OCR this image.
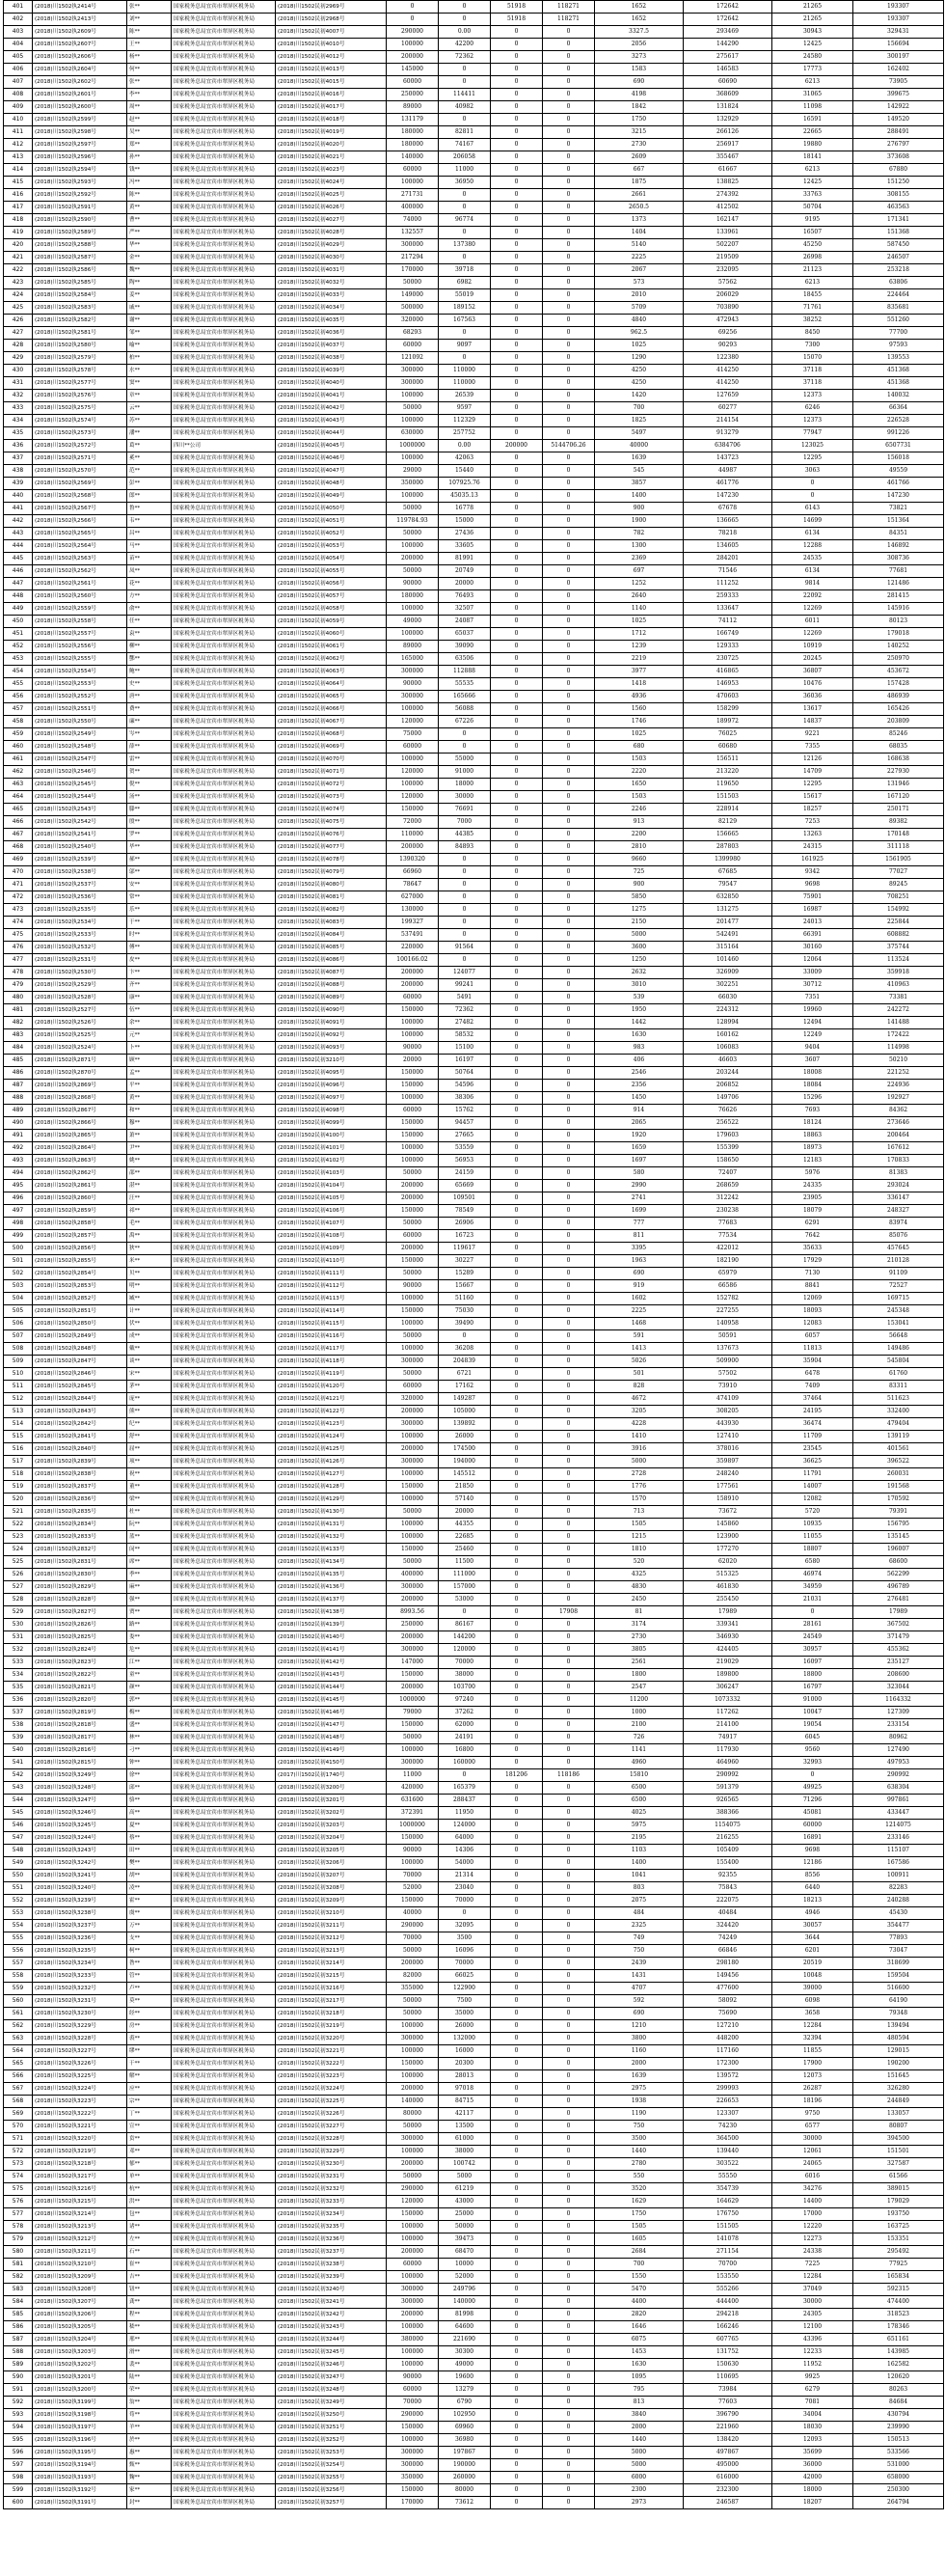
401	(2018)川1502执2414号	张**	国家税务总局宜宾市翠屏区税务局	(2018)川1502民初2969号	0	0	51918	118271	1652	172642	21265	193307
402	(2018)川1502执2413号	刘**	国家税务总局宜宾市翠屏区税务局	(2018)川1502民初2968号	0	0	51918	118271	1652	172642	21265	193307
403	(2018)川1502执2609号	陈**	国家税务总局宜宾市翠屏区税务局	(2018)川1502民初4007号	290000	0.00	0	0	3327.5	293469	30943	329431
404	(2018)川1502执2607号	王**	国家税务总局宜宾市翠屏区税务局	(2018)川1502民初4010号	100000	42200	0	0	2056	144290	12425	156694
405	(2018)川1502执2606号	杨**	国家税务总局宜宾市翠屏区税务局	(2018)川1502民初4012号	200000	72362	0	0	3273	275617	24580	300197
406	(2018)川1502执2604号	何**	国家税务总局宜宾市翠屏区税务局	(2018)川1502民初4013号	145000	0	0	0	1583	146583	17773	162402
407	(2018)川1502执2602号	张**	国家税务总局宜宾市翠屏区税务局	(2018)川1502民初4015号	60000	0	0	0	690	60690	6213	73905
408	(2018)川1502执2601号	李**	国家税务总局宜宾市翠屏区税务局	(2018)川1502民初4016号	250000	114411	0	0	4198	368609	31065	399675
409	(2018)川1502执2600号	周**	国家税务总局宜宾市翠屏区税务局	(2018)川1502民初4017号	89000	40982	0	0	1842	131824	11098	142922
410	(2018)川1502执2599号	赵**	国家税务总局宜宾市翠屏区税务局	(2018)川1502民初4018号	131179	0	0	0	1750	132929	16591	149520
411	(2018)川1502执2598号	吴**	国家税务总局宜宾市翠屏区税务局	(2018)川1502民初4019号	180000	82811	0	0	3215	266126	22665	288491
412	(2018)川1502执2597号	郑**	国家税务总局宜宾市翠屏区税务局	(2018)川1502民初4020号	180000	74167	0	0	2730	256917	19880	276797
413	(2018)川1502执2596号	孙**	国家税务总局宜宾市翠屏区税务局	(2018)川1502民初4021号	140000	206058	0	0	2609	355467	18141	373608
414	(2018)川1502执2594号	钱**	国家税务总局宜宾市翠屏区税务局	(2018)川1502民初4023号	60000	11000	0	0	667	61667	6213	67880
415	(2018)川1502执2593号	冯**	国家税务总局宜宾市翠屏区税务局	(2018)川1502民初4024号	100000	36950	0	0	1875	138825	12425	151250
416	(2018)川1502执2592号	陈**	国家税务总局宜宾市翠屏区税务局	(2018)川1502民初4025号	271731	0	0	0	2661	274392	33763	308155
417	(2018)川1502执2591号	黄**	国家税务总局宜宾市翠屏区税务局	(2018)川1502民初4026号	400000	0	0	0	2650.5	412502	50704	463563
418	(2018)川1502执2590号	曹**	国家税务总局宜宾市翠屏区税务局	(2018)川1502民初4027号	74000	96774	0	0	1373	162147	9195	171341
419	(2018)川1502执2589号	严**	国家税务总局宜宾市翠屏区税务局	(2018)川1502民初4028号	132557	0	0	0	1404	133961	16507	151368
420	(2018)川1502执2588号	华**	国家税务总局宜宾市翠屏区税务局	(2018)川1502民初4029号	300000	137380	0	0	5140	502207	45250	587450
421	(2018)川1502执2587号	金**	国家税务总局宜宾市翠屏区税务局	(2018)川1502民初4030号	217294	0	0	0	2225	219509	26998	246507
422	(2018)川1502执2586号	魏**	国家税务总局宜宾市翠屏区税务局	(2018)川1502民初4031号	170000	39718	0	0	2067	232095	21123	253218
423	(2018)川1502执2585号	陶**	国家税务总局宜宾市翠屏区税务局	(2018)川1502民初4032号	50000	6982	0	0	573	57562	6213	63806
424	(2018)川1502执2584号	姜**	国家税务总局宜宾市翠屏区税务局	(2018)川1502民初4033号	149000	55019	0	0	2010	206029	18455	224464
425	(2018)川1502执2583号	戚**	国家税务总局宜宾市翠屏区税务局	(2018)川1502民初4034号	500000	189152	0	0	5709	703890	71761	835681
426	(2018)川1502执2582号	谢**	国家税务总局宜宾市翠屏区税务局	(2018)川1502民初4035号	320000	167563	0	0	4840	472943	38252	551260
427	(2018)川1502执2581号	邹**	国家税务总局宜宾市翠屏区税务局	(2018)川1502民初4036号	68293	0	0	0	962.5	69256	8450	77700
428	(2018)川1502执2580号	喻**	国家税务总局宜宾市翠屏区税务局	(2018)川1502民初4037号	60000	9097	0	0	1025	90293	7300	97593
429	(2018)川1502执2579号	柏**	国家税务总局宜宾市翠屏区税务局	(2018)川1502民初4038号	121092	0	0	0	1290	122380	15070	139553
430	(2018)川1502执2578号	水**	国家税务总局宜宾市翠屏区税务局	(2018)川1502民初4039号	300000	110000	0	0	4250	414250	37118	451368
431	(2018)川1502执2577号	窦**	国家税务总局宜宾市翠屏区税务局	(2018)川1502民初4040号	300000	110000	0	0	4250	414250	37118	451368
432	(2018)川1502执2576号	章**	国家税务总局宜宾市翠屏区税务局	(2018)川1502民初4041号	100000	26539	0	0	1420	127659	12373	140032
433	(2018)川1502执2575号	云**	国家税务总局宜宾市翠屏区税务局	(2018)川1502民初4042号	50000	9597	0	0	700	60277	6246	66364
434	(2018)川1502执2574号	苏**	国家税务总局宜宾市翠屏区税务局	(2018)川1502民初4043号	100000	112329	0	0	1825	214154	12373	226528
435	(2018)川1502执2573号	潘**	国家税务总局宜宾市翠屏区税务局	(2018)川1502民初4044号	630000	257752	0	0	5497	913279	77947	991226
436	(2018)川1502执2572号	葛**	四川**公司	(2018)川1502民初4045号	1000000	0.00	200000	5144706.26	40000	6384706	123025	6507731
437	(2018)川1502执2571号	奚**	国家税务总局宜宾市翠屏区税务局	(2018)川1502民初4046号	100000	42063	0	0	1639	143723	12295	156018
438	(2018)川1502执2570号	范**	国家税务总局宜宾市翠屏区税务局	(2018)川1502民初4047号	29000	15440	0	0	545	44987	3063	49559
439	(2018)川1502执2569号	彭**	国家税务总局宜宾市翠屏区税务局	(2018)川1502民初4048号	350000	107925.76	0	0	3857	461776	0	461766
440	(2018)川1502执2568号	郎**	国家税务总局宜宾市翠屏区税务局	(2018)川1502民初4049号	100000	45035.13	0	0	1400	147230	0	147230
441	(2018)川1502执2567号	鲁**	国家税务总局宜宾市翠屏区税务局	(2018)川1502民初4050号	50000	16778	0	0	900	67678	6143	73821
442	(2018)川1502执2566号	韦**	国家税务总局宜宾市翠屏区税务局	(2018)川1502民初4051号	119784.93	15000	0	0	1900	136665	14699	151364
443	(2018)川1502执2565号	昌**	国家税务总局宜宾市翠屏区税务局	(2018)川1502民初4052号	50000	27436	0	0	782	78218	6134	84351
444	(2018)川1502执2564号	马**	国家税务总局宜宾市翠屏区税务局	(2018)川1502民初4053号	100000	33605	0	0	1300	134605	12288	146892
445	(2018)川1502执2563号	苗**	国家税务总局宜宾市翠屏区税务局	(2018)川1502民初4054号	200000	81991	0	0	2369	284201	24535	308736
446	(2018)川1502执2562号	凤**	国家税务总局宜宾市翠屏区税务局	(2018)川1502民初4055号	50000	20749	0	0	697	71546	6134	77681
447	(2018)川1502执2561号	花**	国家税务总局宜宾市翠屏区税务局	(2018)川1502民初4056号	90000	20000	0	0	1252	111252	9814	121486
448	(2018)川1502执2560号	方**	国家税务总局宜宾市翠屏区税务局	(2018)川1502民初4057号	180000	76493	0	0	2640	259333	22092	281415
449	(2018)川1502执2559号	俞**	国家税务总局宜宾市翠屏区税务局	(2018)川1502民初4058号	100000	32507	0	0	1140	133647	12269	145916
450	(2018)川1502执2558号	任**	国家税务总局宜宾市翠屏区税务局	(2018)川1502民初4059号	49000	24087	0	0	1025	74112	6011	80123
451	(2018)川1502执2557号	袁**	国家税务总局宜宾市翠屏区税务局	(2018)川1502民初4060号	100000	65037	0	0	1712	166749	12269	179018
452	(2018)川1502执2556号	柳**	国家税务总局宜宾市翠屏区税务局	(2018)川1502民初4061号	89000	39090	0	0	1239	129333	10919	140252
453	(2018)川1502执2555号	酆**	国家税务总局宜宾市翠屏区税务局	(2018)川1502民初4062号	165000	63506	0	0	2219	230725	20245	250970
454	(2018)川1502执2554号	鲍**	国家税务总局宜宾市翠屏区税务局	(2018)川1502民初4063号	300000	112888	0	0	3977	416865	36807	453672
455	(2018)川1502执2553号	史**	国家税务总局宜宾市翠屏区税务局	(2018)川1502民初4064号	90000	55535	0	0	1418	146953	10476	157428
456	(2018)川1502执2552号	唐**	国家税务总局宜宾市翠屏区税务局	(2018)川1502民初4065号	300000	165666	0	0	4936	470603	36036	486939
457	(2018)川1502执2551号	费**	国家税务总局宜宾市翠屏区税务局	(2018)川1502民初4066号	100000	56088	0	0	1560	158299	13617	165426
458	(2018)川1502执2550号	廉**	国家税务总局宜宾市翠屏区税务局	(2018)川1502民初4067号	120000	67226	0	0	1746	189972	14837	203809
459	(2018)川1502执2549号	岑**	国家税务总局宜宾市翠屏区税务局	(2018)川1502民初4068号	75000	0	0	0	1025	76025	9221	85246
460	(2018)川1502执2548号	薛**	国家税务总局宜宾市翠屏区税务局	(2018)川1502民初4069号	60000	0	0	0	680	60680	7355	68035
461	(2018)川1502执2547号	雷**	国家税务总局宜宾市翠屏区税务局	(2018)川1502民初4070号	100000	55000	0	0	1503	156511	12126	168638
462	(2018)川1502执2546号	贺**	国家税务总局宜宾市翠屏区税务局	(2018)川1502民初4071号	120000	91000	0	0	2220	213220	14709	227930
463	(2018)川1502执2545号	倪**	国家税务总局宜宾市翠屏区税务局	(2018)川1502民初4072号	100000	18000	0	0	1650	119650	12295	131946
464	(2018)川1502执2544号	汤**	国家税务总局宜宾市翠屏区税务局	(2018)川1502民初4073号	120000	30000	0	0	1503	151503	15617	167120
465	(2018)川1502执2543号	滕**	国家税务总局宜宾市翠屏区税务局	(2018)川1502民初4074号	150000	76691	0	0	2246	228914	18257	250171
466	(2018)川1502执2542号	殷**	国家税务总局宜宾市翠屏区税务局	(2018)川1502民初4075号	72000	7000	0	0	913	82129	7253	89382
467	(2018)川1502执2541号	罗**	国家税务总局宜宾市翠屏区税务局	(2018)川1502民初4076号	110000	44385	0	0	2200	156665	13263	170148
468	(2018)川1502执2540号	毕**	国家税务总局宜宾市翠屏区税务局	(2018)川1502民初4077号	200000	84893	0	0	2810	287803	24315	311118
469	(2018)川1502执2539号	郝**	国家税务总局宜宾市翠屏区税务局	(2018)川1502民初4078号	1390320	0	0	0	9660	1399980	161925	1561905
470	(2018)川1502执2538号	邬**	国家税务总局宜宾市翠屏区税务局	(2018)川1502民初4079号	66960	0	0	0	725	67685	9342	77027
471	(2018)川1502执2537号	安**	国家税务总局宜宾市翠屏区税务局	(2018)川1502民初4080号	78647	0	0	0	900	79547	9698	89245
472	(2018)川1502执2536号	常**	国家税务总局宜宾市翠屏区税务局	(2018)川1502民初4081号	627000	0	0	0	5850	632850	75901	708251
473	(2018)川1502执2535号	乐**	国家税务总局宜宾市翠屏区税务局	(2018)川1502民初4082号	130000	0	0	0	1275	131275	16987	154992
474	(2018)川1502执2534号	于**	国家税务总局宜宾市翠屏区税务局	(2018)川1502民初4083号	199327	0	0	0	2150	201477	24013	225844
475	(2018)川1502执2533号	时**	国家税务总局宜宾市翠屏区税务局	(2018)川1502民初4084号	537491	0	0	0	5000	542491	66391	608882
476	(2018)川1502执2532号	傅**	国家税务总局宜宾市翠屏区税务局	(2018)川1502民初4085号	220000	91564	0	0	3600	315164	30160	375744
477	(2018)川1502执2531号	皮**	国家税务总局宜宾市翠屏区税务局	(2018)川1502民初4086号	100166.02	0	0	0	1250	101460	12064	113524
478	(2018)川1502执2530号	卞**	国家税务总局宜宾市翠屏区税务局	(2018)川1502民初4087号	200000	124077	0	0	2632	326909	33009	359918
479	(2018)川1502执2529号	齐**	国家税务总局宜宾市翠屏区税务局	(2018)川1502民初4088号	200000	99241	0	0	3010	302251	30712	410963
480	(2018)川1502执2528号	康**	国家税务总局宜宾市翠屏区税务局	(2018)川1502民初4089号	60000	5491	0	0	539	66030	7351	73381
481	(2018)川1502执2527号	伍**	国家税务总局宜宾市翠屏区税务局	(2018)川1502民初4090号	150000	72362	0	0	1950	224312	19960	242272
482	(2018)川1502执2526号	余**	国家税务总局宜宾市翠屏区税务局	(2018)川1502民初4091号	100000	27482	0	0	1442	128994	12494	141488
483	(2018)川1502执2525号	元**	国家税务总局宜宾市翠屏区税务局	(2018)川1502民初4092号	100000	58532	0	0	1630	160162	12249	172422
484	(2018)川1502执2524号	卜**	国家税务总局宜宾市翠屏区税务局	(2018)川1502民初4093号	90000	15100	0	0	983	106083	9404	114998
485	(2018)川1502执2871号	顾**	国家税务总局宜宾市翠屏区税务局	(2018)川1502民初3210号	20000	16197	0	0	406	46603	3607	50210
486	(2018)川1502执2870号	孟**	国家税务总局宜宾市翠屏区税务局	(2018)川1502民初4095号	150000	50764	0	0	2546	203244	18008	221252
487	(2018)川1502执2869号	平**	国家税务总局宜宾市翠屏区税务局	(2018)川1502民初4096号	150000	54596	0	0	2356	206852	18084	224936
488	(2018)川1502执2868号	黄**	国家税务总局宜宾市翠屏区税务局	(2018)川1502民初4097号	100000	38306	0	0	1450	149706	15296	192927
489	(2018)川1502执2867号	和**	国家税务总局宜宾市翠屏区税务局	(2018)川1502民初4098号	60000	15762	0	0	914	76626	7693	84362
490	(2018)川1502执2866号	穆**	国家税务总局宜宾市翠屏区税务局	(2018)川1502民初4099号	150000	94457	0	0	2065	256522	18124	273646
491	(2018)川1502执2865号	萧**	国家税务总局宜宾市翠屏区税务局	(2018)川1502民初4100号	150000	27665	0	0	1920	179603	18863	200464
492	(2018)川1502执2864号	尹**	国家税务总局宜宾市翠屏区税务局	(2018)川1502民初4101号	100000	53559	0	0	1659	155399	18973	167612
493	(2018)川1502执2863号	姚**	国家税务总局宜宾市翠屏区税务局	(2018)川1502民初4102号	100000	56953	0	0	1697	158650	12183	170833
494	(2018)川1502执2862号	邵**	国家税务总局宜宾市翠屏区税务局	(2018)川1502民初4103号	50000	24159	0	0	580	72407	5976	81383
495	(2018)川1502执2861号	湛**	国家税务总局宜宾市翠屏区税务局	(2018)川1502民初4104号	200000	65669	0	0	2990	268659	24335	293024
496	(2018)川1502执2860号	汪**	国家税务总局宜宾市翠屏区税务局	(2018)川1502民初4105号	200000	109501	0	0	2741	312242	23905	336147
497	(2018)川1502执2859号	祁**	国家税务总局宜宾市翠屏区税务局	(2018)川1502民初4106号	150000	78549	0	0	1699	230238	18079	248327
498	(2018)川1502执2858号	毛**	国家税务总局宜宾市翠屏区税务局	(2018)川1502民初4107号	50000	26906	0	0	777	77683	6291	83974
499	(2018)川1502执2857号	禹**	国家税务总局宜宾市翠屏区税务局	(2018)川1502民初4108号	60000	16723	0	0	811	77534	7642	85076
500	(2018)川1502执2856号	狄**	国家税务总局宜宾市翠屏区税务局	(2018)川1502民初4109号	200000	119617	0	0	3395	422012	35633	457645
501	(2018)川1502执2855号	米**	国家税务总局宜宾市翠屏区税务局	(2018)川1502民初4110号	150000	30227	0	0	1963	182190	17929	210128
502	(2018)川1502执2854号	贝**	国家税务总局宜宾市翠屏区税务局	(2018)川1502民初4111号	50000	15289	0	0	690	65979	7130	91109
503	(2018)川1502执2853号	明**	国家税务总局宜宾市翠屏区税务局	(2018)川1502民初4112号	90000	15667	0	0	919	66586	8841	72527
504	(2018)川1502执2852号	臧**	国家税务总局宜宾市翠屏区税务局	(2018)川1502民初4113号	100000	51160	0	0	1602	152782	12069	169715
505	(2018)川1502执2851号	计**	国家税务总局宜宾市翠屏区税务局	(2018)川1502民初4114号	150000	75030	0	0	2225	227255	18093	245348
506	(2018)川1502执2850号	伏**	国家税务总局宜宾市翠屏区税务局	(2018)川1502民初4115号	100000	39490	0	0	1468	140958	12083	153041
507	(2018)川1502执2849号	成**	国家税务总局宜宾市翠屏区税务局	(2018)川1502民初4116号	50000	0	0	0	591	50591	6057	56648
508	(2018)川1502执2848号	戴**	国家税务总局宜宾市翠屏区税务局	(2018)川1502民初4117号	100000	36208	0	0	1413	137673	11813	149486
509	(2018)川1502执2847号	谈**	国家税务总局宜宾市翠屏区税务局	(2018)川1502民初4118号	300000	204839	0	0	5026	509900	35904	545804
510	(2018)川1502执2846号	宋**	国家税务总局宜宾市翠屏区税务局	(2018)川1502民初4119号	50000	6721	0	0	501	57502	6478	61760
511	(2018)川1502执2845号	茅**	国家税务总局宜宾市翠屏区税务局	(2018)川1502民初4120号	60000	17162	0	0	828	73910	7409	83311
512	(2018)川1502执2844号	庞**	国家税务总局宜宾市翠屏区税务局	(2018)川1502民初4121号	320000	149287	0	0	4672	474109	37464	511623
513	(2018)川1502执2843号	熊**	国家税务总局宜宾市翠屏区税务局	(2018)川1502民初4122号	200000	105000	0	0	3205	308205	24195	332400
514	(2018)川1502执2842号	纪**	国家税务总局宜宾市翠屏区税务局	(2018)川1502民初4123号	300000	139892	0	0	4228	443930	36474	479404
515	(2018)川1502执2841号	舒**	国家税务总局宜宾市翠屏区税务局	(2018)川1502民初4124号	100000	26000	0	0	1410	127410	11709	139119
516	(2018)川1502执2840号	屈**	国家税务总局宜宾市翠屏区税务局	(2018)川1502民初4125号	200000	174500	0	0	3916	378016	23545	401561
517	(2018)川1502执2839号	项**	国家税务总局宜宾市翠屏区税务局	(2018)川1502民初4126号	300000	194000	0	0	5000	359897	36625	396522
518	(2018)川1502执2838号	祝**	国家税务总局宜宾市翠屏区税务局	(2018)川1502民初4127号	100000	145512	0	0	2728	248240	11791	260031
519	(2018)川1502执2837号	董**	国家税务总局宜宾市翠屏区税务局	(2018)川1502民初4128号	150000	21850	0	0	1776	177561	14007	191568
520	(2018)川1502执2836号	梁**	国家税务总局宜宾市翠屏区税务局	(2018)川1502民初4129号	100000	57140	0	0	1570	158910	12082	170592
521	(2018)川1502执2835号	杜**	国家税务总局宜宾市翠屏区税务局	(2018)川1502民初4130号	50000	20000	0	0	713	73672	5720	79391
522	(2018)川1502执2834号	阮**	国家税务总局宜宾市翠屏区税务局	(2018)川1502民初4131号	100000	44355	0	0	1505	145860	10935	156795
523	(2018)川1502执2833号	蓝**	国家税务总局宜宾市翠屏区税务局	(2018)川1502民初4132号	100000	22685	0	0	1215	123900	11055	135145
524	(2018)川1502执2832号	闵**	国家税务总局宜宾市翠屏区税务局	(2018)川1502民初4133号	150000	25460	0	0	1810	177270	18807	196007
525	(2018)川1502执2831号	席**	国家税务总局宜宾市翠屏区税务局	(2018)川1502民初4134号	50000	11500	0	0	520	62020	6580	68600
526	(2018)川1502执2830号	季**	国家税务总局宜宾市翠屏区税务局	(2018)川1502民初4135号	400000	111000	0	0	4325	515325	46974	562299
527	(2018)川1502执2829号	麻**	国家税务总局宜宾市翠屏区税务局	(2018)川1502民初4136号	300000	157000	0	0	4830	461830	34959	496789
528	(2018)川1502执2828号	强**	国家税务总局宜宾市翠屏区税务局	(2018)川1502民初4137号	200000	53000	0	0	2450	255450	21031	276481
529	(2018)川1502执2827号	贾**	国家税务总局宜宾市翠屏区税务局	(2018)川1502民初4138号	8993.56	0	0	17908	81	17989	0	17989
530	(2018)川1502执2826号	路**	国家税务总局宜宾市翠屏区税务局	(2018)川1502民初4139号	250000	86167	0	0	3174	339341	28161	367502
531	(2018)川1502执2825号	娄**	国家税务总局宜宾市翠屏区税务局	(2018)川1502民初4140号	200000	144200	0	0	2730	346930	24549	371479
532	(2018)川1502执2824号	危**	国家税务总局宜宾市翠屏区税务局	(2018)川1502民初4141号	300000	120000	0	0	3805	424405	30957	455362
533	(2018)川1502执2823号	江**	国家税务总局宜宾市翠屏区税务局	(2018)川1502民初4142号	147000	70000	0	0	2561	219029	16097	235127
534	(2018)川1502执2822号	童**	国家税务总局宜宾市翠屏区税务局	(2018)川1502民初4143号	150000	38000	0	0	1800	189800	18800	208600
535	(2018)川1502执2821号	颜**	国家税务总局宜宾市翠屏区税务局	(2018)川1502民初4144号	200000	103700	0	0	2547	306247	16797	323044
536	(2018)川1502执2820号	郭**	国家税务总局宜宾市翠屏区税务局	(2018)川1502民初4145号	1000000	97240	0	0	11200	1073332	91000	1164332
537	(2018)川1502执2819号	梅**	国家税务总局宜宾市翠屏区税务局	(2018)川1502民初4146号	79000	37262	0	0	1000	117262	10047	127309
538	(2018)川1502执2818号	盛**	国家税务总局宜宾市翠屏区税务局	(2018)川1502民初4147号	150000	62000	0	0	2100	214100	19054	233154
539	(2018)川1502执2817号	林**	国家税务总局宜宾市翠屏区税务局	(2018)川1502民初4148号	50000	24191	0	0	726	74917	6045	80962
540	(2018)川1502执2816号	刁**	国家税务总局宜宾市翠屏区税务局	(2018)川1502民初4149号	100000	16800	0	0	1141	117930	9560	127490
541	(2018)川1502执2815号	钟**	国家税务总局宜宾市翠屏区税务局	(2018)川1502民初4150号	300000	160000	0	0	4960	464960	32993	497953
542	(2018)川1502执3249号	徐**	国家税务总局宜宾市翠屏区税务局	(2017)川1502民初1740号	11000	0	181206	118186	15810	290992	0	290992
543	(2018)川1502执3248号	邱**	国家税务总局宜宾市翠屏区税务局	(2018)川1502民初3200号	420000	165379	0	0	6500	591379	49925	638304
544	(2018)川1502执3247号	骆**	国家税务总局宜宾市翠屏区税务局	(2018)川1502民初3201号	631600	288437	0	0	6500	926565	71296	997861
545	(2018)川1502执3246号	高**	国家税务总局宜宾市翠屏区税务局	(2018)川1502民初3202号	372391	11950	0	0	4025	388366	45081	433447
546	(2018)川1502执3245号	夏**	国家税务总局宜宾市翠屏区税务局	(2018)川1502民初3203号	1000000	124000	0	0	5975	1154075	60000	1214075
547	(2018)川1502执3244号	蔡**	国家税务总局宜宾市翠屏区税务局	(2018)川1502民初3204号	150000	64000	0	0	2195	216255	16891	233146
548	(2018)川1502执3243号	田**	国家税务总局宜宾市翠屏区税务局	(2018)川1502民初3205号	90000	14306	0	0	1103	105409	9698	115107
549	(2018)川1502执3242号	樊**	国家税务总局宜宾市翠屏区税务局	(2018)川1502民初3206号	100000	54000	0	0	1400	155400	12186	167586
550	(2018)川1502执3241号	胡**	国家税务总局宜宾市翠屏区税务局	(2018)川1502民初3207号	70000	21314	0	0	1041	92355	8556	100911
551	(2018)川1502执3240号	凌**	国家税务总局宜宾市翠屏区税务局	(2018)川1502民初3208号	52000	23040	0	0	803	75843	6440	82283
552	(2018)川1502执3239号	霍**	国家税务总局宜宾市翠屏区税务局	(2018)川1502民初3209号	150000	70000	0	0	2075	222075	18213	240288
553	(2018)川1502执3238号	虞**	国家税务总局宜宾市翠屏区税务局	(2018)川1502民初3210号	40000	0	0	0	484	40484	4946	45430
554	(2018)川1502执3237号	万**	国家税务总局宜宾市翠屏区税务局	(2018)川1502民初3211号	290000	32095	0	0	2325	324420	30057	354477
555	(2018)川1502执3236号	支**	国家税务总局宜宾市翠屏区税务局	(2018)川1502民初3212号	70000	3500	0	0	749	74249	3644	77893
556	(2018)川1502执3235号	柯**	国家税务总局宜宾市翠屏区税务局	(2018)川1502民初3213号	50000	16096	0	0	750	66846	6201	73047
557	(2018)川1502执3234号	昝**	国家税务总局宜宾市翠屏区税务局	(2018)川1502民初3214号	200000	70000	0	0	2439	298180	20519	318699
558	(2018)川1502执3233号	管**	国家税务总局宜宾市翠屏区税务局	(2018)川1502民初3215号	82000	66025	0	0	1431	149456	10048	159504
559	(2018)川1502执3232号	卢**	国家税务总局宜宾市翠屏区税务局	(2018)川1502民初3216号	355000	122900	0	0	4707	477600	39000	516600
560	(2018)川1502执3231号	莫**	国家税务总局宜宾市翠屏区税务局	(2018)川1502民初3217号	50000	7500	0	0	592	58092	6098	64190
561	(2018)川1502执3230号	经**	国家税务总局宜宾市翠屏区税务局	(2018)川1502民初3218号	50000	35000	0	0	690	75690	3658	79348
562	(2018)川1502执3229号	房**	国家税务总局宜宾市翠屏区税务局	(2018)川1502民初3219号	100000	26000	0	0	1210	127210	12284	139494
563	(2018)川1502执3228号	裘**	国家税务总局宜宾市翠屏区税务局	(2018)川1502民初3220号	300000	132000	0	0	3800	448200	32394	480594
564	(2018)川1502执3227号	缪**	国家税务总局宜宾市翠屏区税务局	(2018)川1502民初3221号	100000	16000	0	0	1160	117160	11855	129015
565	(2018)川1502执3226号	干**	国家税务总局宜宾市翠屏区税务局	(2018)川1502民初3222号	150000	20300	0	0	2000	172300	17900	190200
566	(2018)川1502执3225号	解**	国家税务总局宜宾市翠屏区税务局	(2018)川1502民初3223号	100000	28013	0	0	1639	139572	12073	151645
567	(2018)川1502执3224号	应**	国家税务总局宜宾市翠屏区税务局	(2018)川1502民初3224号	200000	97018	0	0	2975	299993	26287	326280
568	(2018)川1502执3223号	宗**	国家税务总局宜宾市翠屏区税务局	(2018)川1502民初3225号	140000	84715	0	0	1938	226653	18196	244849
569	(2018)川1502执3222号	丁**	国家税务总局宜宾市翠屏区税务局	(2018)川1502民初3226号	80000	42117	0	0	1190	123307	9750	133057
570	(2018)川1502执3221号	宣**	国家税务总局宜宾市翠屏区税务局	(2018)川1502民初3227号	50000	13500	0	0	750	74230	6577	80807
571	(2018)川1502执3220号	贲**	国家税务总局宜宾市翠屏区税务局	(2018)川1502民初3228号	300000	61000	0	0	3500	364500	30000	394500
572	(2018)川1502执3219号	邓**	国家税务总局宜宾市翠屏区税务局	(2018)川1502民初3229号	100000	38000	0	0	1440	139440	12061	151501
573	(2018)川1502执3218号	郁**	国家税务总局宜宾市翠屏区税务局	(2018)川1502民初3230号	200000	100742	0	0	2780	303522	24065	327587
574	(2018)川1502执3217号	单**	国家税务总局宜宾市翠屏区税务局	(2018)川1502民初3231号	50000	5000	0	0	550	55550	6016	61566
575	(2018)川1502执3216号	杭**	国家税务总局宜宾市翠屏区税务局	(2018)川1502民初3232号	290000	61219	0	0	3520	354739	34276	389015
576	(2018)川1502执3215号	洪**	国家税务总局宜宾市翠屏区税务局	(2018)川1502民初3233号	120000	43000	0	0	1629	164629	14400	179029
577	(2018)川1502执3214号	包**	国家税务总局宜宾市翠屏区税务局	(2018)川1502民初3234号	150000	25000	0	0	1750	176750	17000	193750
578	(2018)川1502执3213号	诸**	国家税务总局宜宾市翠屏区税务局	(2018)川1502民初3235号	100000	50000	0	0	1505	151505	12220	163725
579	(2018)川1502执3212号	左**	国家税务总局宜宾市翠屏区税务局	(2018)川1502民初3236号	100000	39473	0	0	1605	141078	12273	153351
580	(2018)川1502执3211号	石**	国家税务总局宜宾市翠屏区税务局	(2018)川1502民初3237号	200000	68470	0	0	2684	271154	24338	295492
581	(2018)川1502执3210号	崔**	国家税务总局宜宾市翠屏区税务局	(2018)川1502民初3238号	60000	10000	0	0	700	70700	7225	77925
582	(2018)川1502执3209号	吉**	国家税务总局宜宾市翠屏区税务局	(2018)川1502民初3239号	100000	52000	0	0	1550	153550	12284	165834
583	(2018)川1502执3208号	钮**	国家税务总局宜宾市翠屏区税务局	(2018)川1502民初3240号	300000	249796	0	0	5470	555266	37049	592315
584	(2018)川1502执3207号	龚**	国家税务总局宜宾市翠屏区税务局	(2018)川1502民初3241号	300000	140000	0	0	4400	444400	30000	474400
585	(2018)川1502执3206号	程**	国家税务总局宜宾市翠屏区税务局	(2018)川1502民初3242号	200000	81998	0	0	2820	294218	24305	318523
586	(2018)川1502执3205号	嵇**	国家税务总局宜宾市翠屏区税务局	(2018)川1502民初3243号	100000	64600	0	0	1646	166246	12100	178346
587	(2018)川1502执3204号	邢**	国家税务总局宜宾市翠屏区税务局	(2018)川1502民初3244号	380000	221690	0	0	6075	607765	43396	651161
588	(2018)川1502执3203号	滑**	国家税务总局宜宾市翠屏区税务局	(2018)川1502民初3245号	100000	30300	0	0	1453	131752	12233	143985
589	(2018)川1502执3202号	裴**	国家税务总局宜宾市翠屏区税务局	(2018)川1502民初3246号	100000	49000	0	0	1630	150630	11952	162582
590	(2018)川1502执3201号	陆**	国家税务总局宜宾市翠屏区税务局	(2018)川1502民初3247号	90000	19600	0	0	1095	110695	9925	120620
591	(2018)川1502执3200号	荣**	国家税务总局宜宾市翠屏区税务局	(2018)川1502民初3248号	60000	13279	0	0	795	73984	6279	80263
592	(2018)川1502执3199号	翁**	国家税务总局宜宾市翠屏区税务局	(2018)川1502民初3249号	70000	6790	0	0	813	77603	7081	84684
593	(2018)川1502执3198号	荀**	国家税务总局宜宾市翠屏区税务局	(2018)川1502民初3250号	290000	102950	0	0	3840	396790	34004	430794
594	(2018)川1502执3197号	羊**	国家税务总局宜宾市翠屏区税务局	(2018)川1502民初3251号	150000	69960	0	0	2000	221960	18030	239990
595	(2018)川1502执3196号	於**	国家税务总局宜宾市翠屏区税务局	(2018)川1502民初3252号	100000	36980	0	0	1440	138420	12093	150513
596	(2018)川1502执3195号	惠**	国家税务总局宜宾市翠屏区税务局	(2018)川1502民初3253号	300000	197867	0	0	5000	497867	35699	533566
597	(2018)川1502执3194号	甄**	国家税务总局宜宾市翠屏区税务局	(2018)川1502民初3254号	300000	190000	0	0	5000	495000	36000	531000
598	(2018)川1502执3193号	麴**	国家税务总局宜宾市翠屏区税务局	(2018)川1502民初3255号	350000	260000	0	0	6000	616000	42000	658000
599	(2018)川1502执3192号	家**	国家税务总局宜宾市翠屏区税务局	(2018)川1502民初3256号	150000	80000	0	0	2300	232300	18000	250300
600	(2018)川1502执3191号	封**	国家税务总局宜宾市翠屏区税务局	(2018)川1502民初3257号	170000	73612	0	0	2973	246587	18207	264794
